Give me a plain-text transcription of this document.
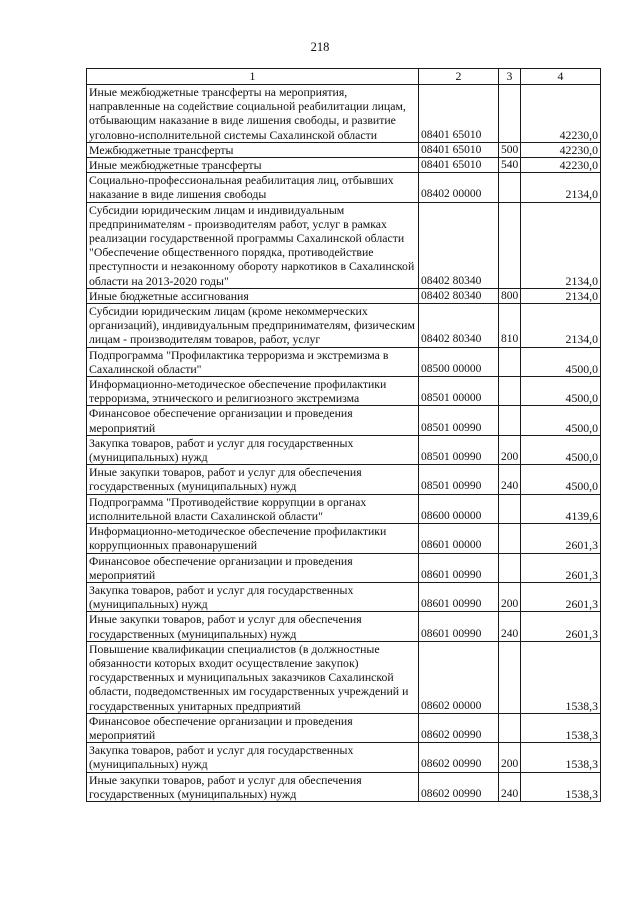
218
1	2	3	4
Иные межбюджетные трансферты на мероприятия, направленные на содействие социальной реабилитации лицам, отбывающим наказание в виде лишения свободы, и развитие уголовно-исполнительной системы Сахалинской области	08401 65010		42230,0
Межбюджетные трансферты	08401 65010	500	42230,0
Иные межбюджетные трансферты	08401 65010	540	42230,0
Социально-профессиональная реабилитация лиц, отбывших наказание в виде лишения свободы	08402 00000		2134,0
Субсидии юридическим лицам и индивидуальным предпринимателям - производителям работ, услуг в рамках реализации государственной программы Сахалинской области "Обеспечение общественного порядка, противодействие преступности и незаконному обороту наркотиков в Сахалинской области на 2013-2020 годы"	08402 80340		2134,0
Иные бюджетные ассигнования	08402 80340	800	2134,0
Субсидии юридическим лицам (кроме некоммерческих организаций), индивидуальным предпринимателям, физическим лицам - производителям товаров, работ, услуг	08402 80340	810	2134,0
Подпрограмма "Профилактика терроризма и экстремизма в Сахалинской области"	08500 00000		4500,0
Информационно-методическое обеспечение профилактики терроризма, этнического и религиозного экстремизма	08501 00000		4500,0
Финансовое обеспечение организации и проведения мероприятий	08501 00990		4500,0
Закупка товаров, работ и услуг для государственных (муниципальных) нужд	08501 00990	200	4500,0
Иные закупки товаров, работ и услуг для обеспечения государственных (муниципальных) нужд	08501 00990	240	4500,0
Подпрограмма "Противодействие коррупции в органах исполнительной власти Сахалинской области"	08600 00000		4139,6
Информационно-методическое обеспечение профилактики коррупционных правонарушений	08601 00000		2601,3
Финансовое обеспечение организации и проведения мероприятий	08601 00990		2601,3
Закупка товаров, работ и услуг для государственных (муниципальных) нужд	08601 00990	200	2601,3
Иные закупки товаров, работ и услуг для обеспечения государственных (муниципальных) нужд	08601 00990	240	2601,3
Повышение квалификации специалистов (в должностные обязанности которых входит осуществление закупок) государственных и муниципальных заказчиков Сахалинской области, подведомственных им государственных учреждений и государственных унитарных предприятий	08602 00000		1538,3
Финансовое обеспечение организации и проведения мероприятий	08602 00990		1538,3
Закупка товаров, работ и услуг для государственных (муниципальных) нужд	08602 00990	200	1538,3
Иные закупки товаров, работ и услуг для обеспечения государственных (муниципальных) нужд	08602 00990	240	1538,3
